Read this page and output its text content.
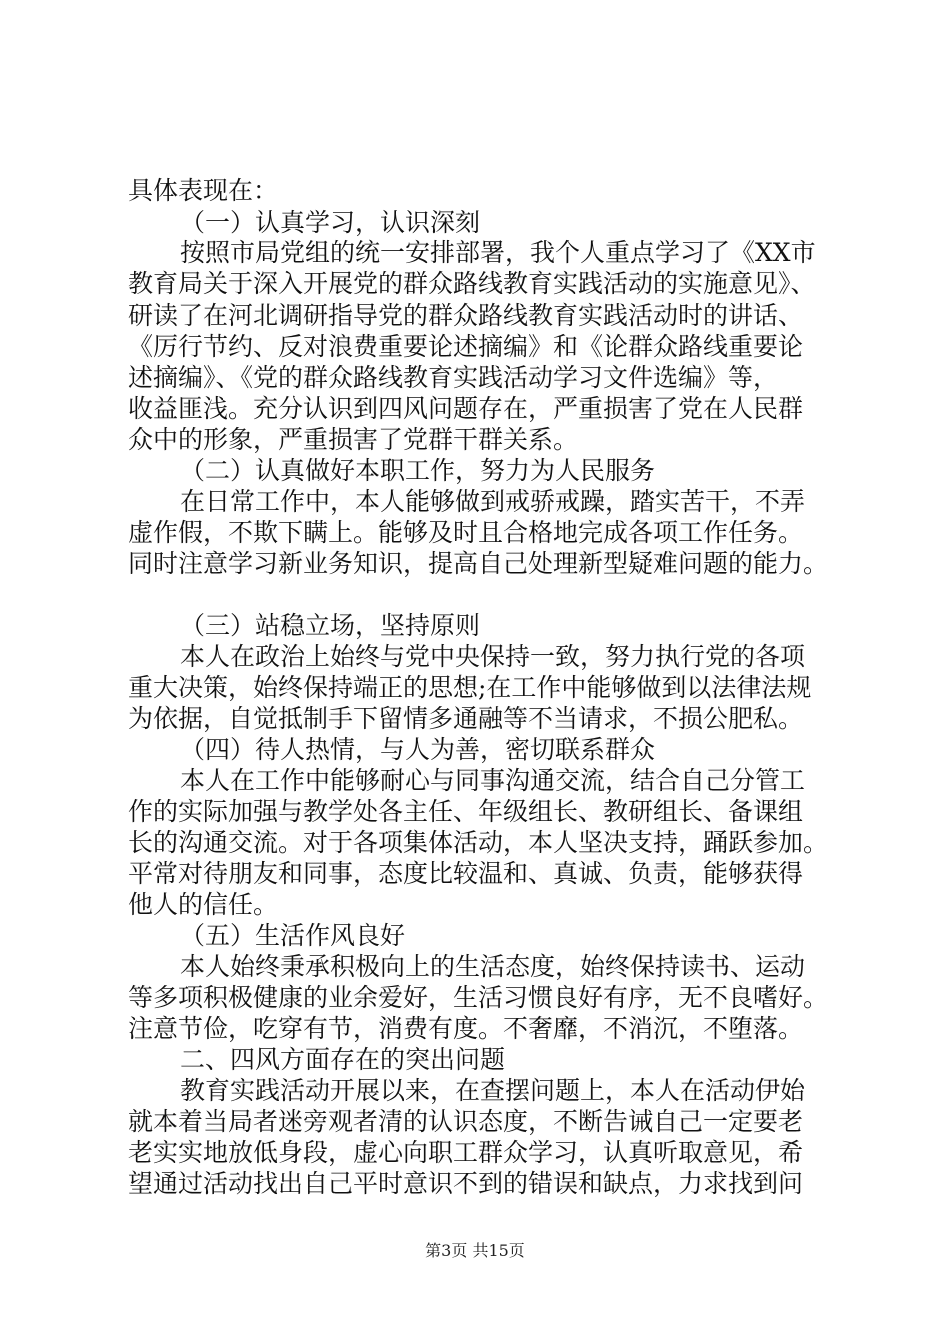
具体表现在：

（一）认真学习，认识深刻

按照市局党组的统一安排部署，我个人重点学习了《XX市

教育局关于深入开展党的群众路线教育实践活动的实施意见》、

研读了在河北调研指导党的群众路线教育实践活动时的讲话、

《厉行节约、反对浪费重要论述摘编》和《论群众路线重要论

述摘编》、《党的群众路线教育实践活动学习文件选编》等，

收益匪浅。充分认识到四风问题存在，严重损害了党在人民群

众中的形象，严重损害了党群干群关系。

（二）认真做好本职工作，努力为人民服务

在日常工作中，本人能够做到戒骄戒躁，踏实苦干，不弄

虚作假，不欺下瞒上。能够及时且合格地完成各项工作任务。

同时注意学习新业务知识，提高自己处理新型疑难问题的能力。

（三）站稳立场，坚持原则

本人在政治上始终与党中央保持一致，努力执行党的各项

重大决策，始终保持端正的思想;在工作中能够做到以法律法规

为依据，自觉抵制手下留情多通融等不当请求，不损公肥私。

（四）待人热情，与人为善，密切联系群众

本人在工作中能够耐心与同事沟通交流，结合自己分管工

作的实际加强与教学处各主任、年级组长、教研组长、备课组

长的沟通交流。对于各项集体活动，本人坚决支持，踊跃参加。

平常对待朋友和同事，态度比较温和、真诚、负责，能够获得

他人的信任。

（五）生活作风良好

本人始终秉承积极向上的生活态度，始终保持读书、运动

等多项积极健康的业余爱好，生活习惯良好有序，无不良嗜好。

注意节俭，吃穿有节，消费有度。不奢靡，不消沉，不堕落。

二、四风方面存在的突出问题

教育实践活动开展以来，在查摆问题上，本人在活动伊始

就本着当局者迷旁观者清的认识态度，不断告诫自己一定要老

老实实地放低身段，虚心向职工群众学习，认真听取意见，希

望通过活动找出自己平时意识不到的错误和缺点，力求找到问

第3页 共15页
